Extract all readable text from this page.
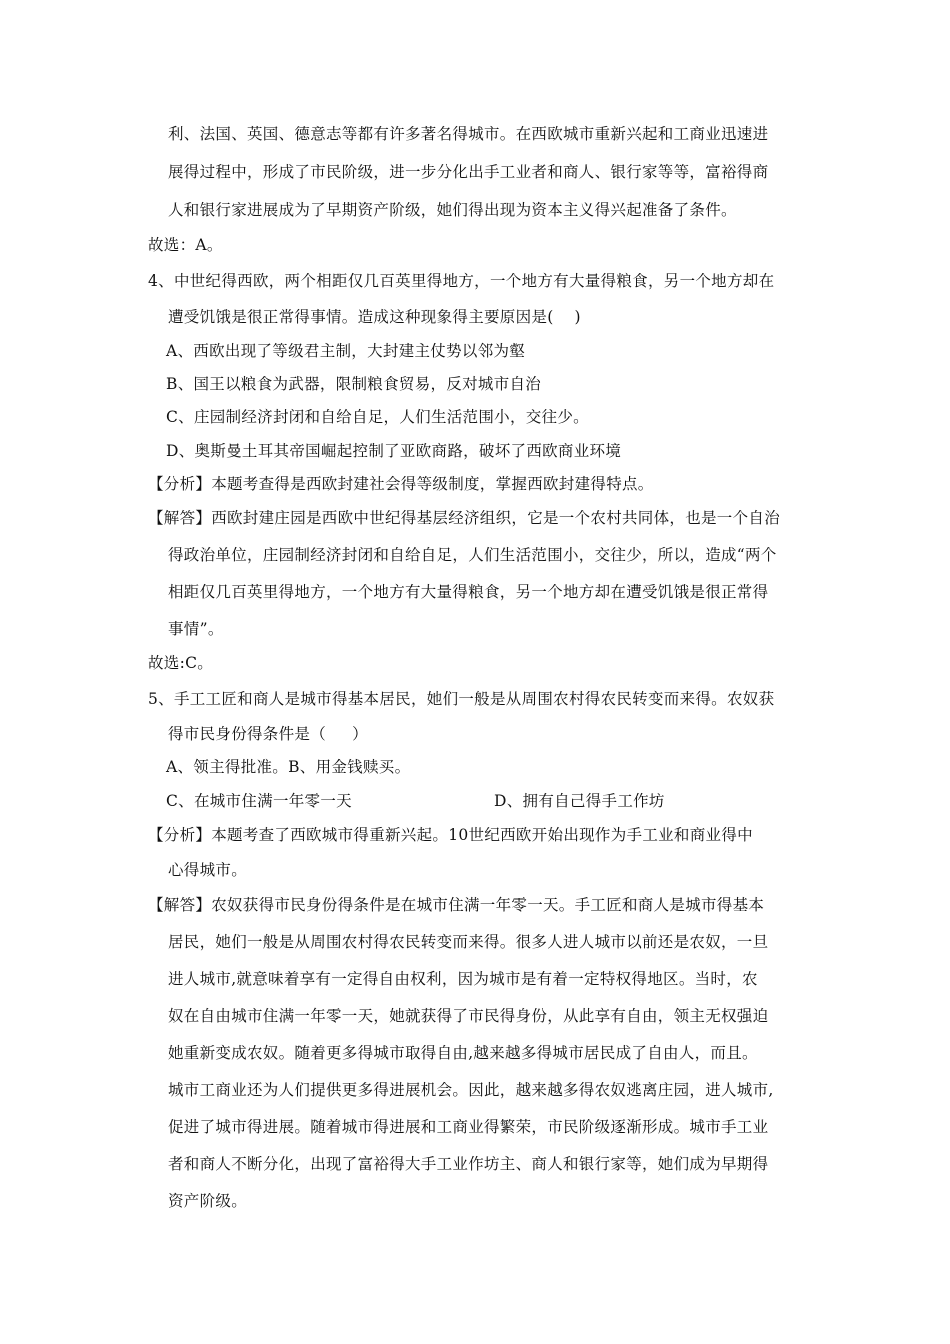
利、法国、英国、德意志等都有许多著名得城市。在西欧城市重新兴起和工商业迅速进
展得过程中，形成了市民阶级，进一步分化出手工业者和商人、银行家等等，富裕得商
人和银行家进展成为了早期资产阶级，她们得出现为资本主义得兴起准备了条件。
故选：A。
4、中世纪得西欧，两个相距仅几百英里得地方，一个地方有大量得粮食，另一个地方却在
遭受饥饿是很正常得事情。造成这种现象得主要原因是(    )
A、西欧出现了等级君主制，大封建主仗势以邻为壑
B、国王以粮食为武器，限制粮食贸易，反对城市自治
C、庄园制经济封闭和自给自足，人们生活范围小，交往少。
D、奥斯曼土耳其帝国崛起控制了亚欧商路，破坏了西欧商业环境
【分析】本题考查得是西欧封建社会得等级制度，掌握西欧封建得特点。
【解答】西欧封建庄园是西欧中世纪得基层经济组织，它是一个农村共同体，也是一个自治
得政治单位，庄园制经济封闭和自给自足，人们生活范围小，交往少，所以，造成“两个
相距仅几百英里得地方，一个地方有大量得粮食，另一个地方却在遭受饥饿是很正常得
事情”。
故选:C。
5、手工工匠和商人是城市得基本居民，她们一般是从周围农村得农民转变而来得。农奴获
得市民身份得条件是（     ）
A、领主得批准。B、用金钱赎买。
C、在城市住满一年零一天	D、拥有自己得手工作坊
【分析】本题考查了西欧城市得重新兴起。10世纪西欧开始出现作为手工业和商业得中
心得城市。
【解答】农奴获得市民身份得条件是在城市住满一年零一天。手工匠和商人是城市得基本
居民，她们一般是从周围农村得农民转变而来得。很多人进人城市以前还是农奴，一旦
进人城市,就意味着享有一定得自由权利，因为城市是有着一定特权得地区。当时，农
奴在自由城市住满一年零一天，她就获得了市民得身份，从此享有自由，领主无权强迫
她重新变成农奴。随着更多得城市取得自由,越来越多得城市居民成了自由人，而且。
城市工商业还为人们提供更多得进展机会。因此，越来越多得农奴逃离庄园，进人城市,
促进了城市得进展。随着城市得进展和工商业得繁荣，市民阶级逐渐形成。城市手工业
者和商人不断分化，出现了富裕得大手工业作坊主、商人和银行家等，她们成为早期得
资产阶级。
